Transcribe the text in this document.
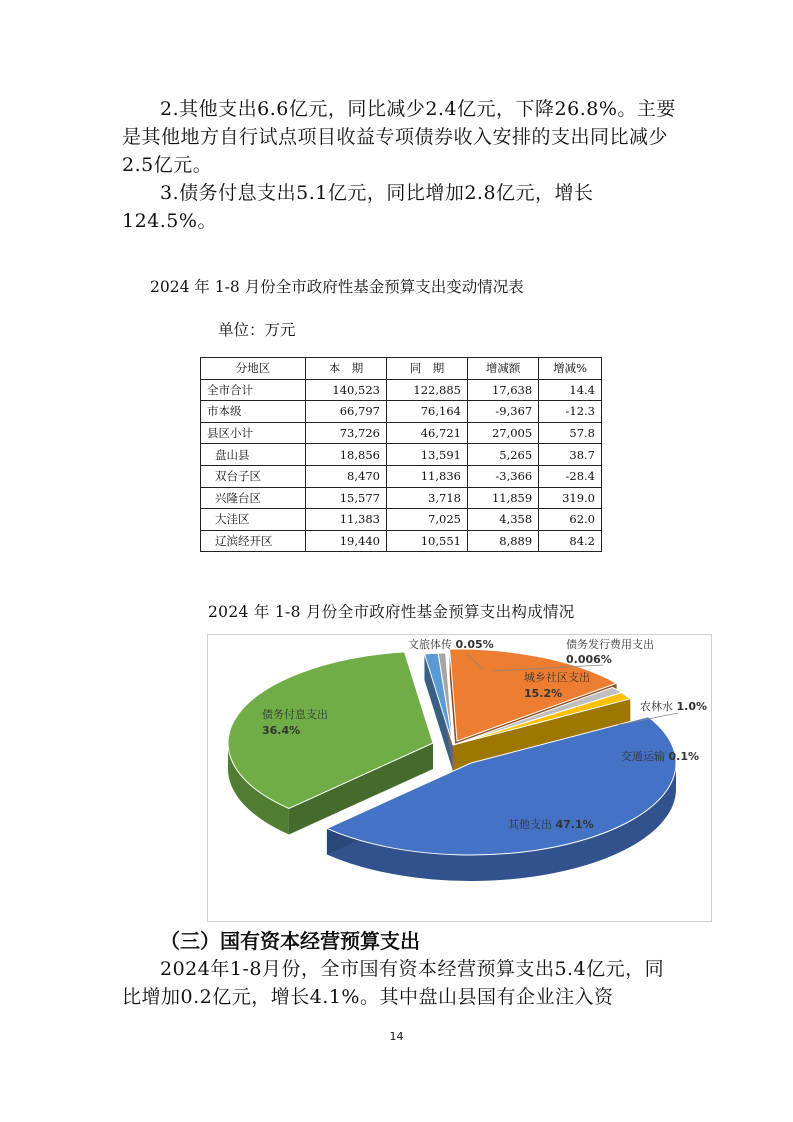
2.其他支出6.6亿元，同比减少2.4亿元，下降26.8%。主要是其他地方自行试点项目收益专项债券收入安排的支出同比减少2.5亿元。

3.债务付息支出5.1亿元，同比增加2.8亿元，增长124.5%。

2024 年 1-8 月份全市政府性基金预算支出变动情况表

单位：万元

分地区	本　期	同　期	增减额	增减%
全市合计	140,523	122,885	17,638	14.4
市本级	66,797	76,164	-9,367	-12.3
县区小计	73,726	46,721	27,005	57.8
盘山县	18,856	13,591	5,265	38.7
双台子区	8,470	11,836	-3,366	-28.4
兴隆台区	15,577	3,718	11,859	319.0
大洼区	11,383	7,025	4,358	62.0
辽滨经开区	19,440	10,551	8,889	84.2

2024 年 1-8 月份全市政府性基金预算支出构成情况

其他支出 47.1%
债务付息支出 36.4%
文旅体传 0.05%	债务发行费用支出 0.006%
城乡社区支出 15.2%
农林水 1.0%
交通运输 0.1%

（三）国有资本经营预算支出

2024年1-8月份，全市国有资本经营预算支出5.4亿元，同比增加0.2亿元，增长4.1%。其中盘山县国有企业注入资

14
